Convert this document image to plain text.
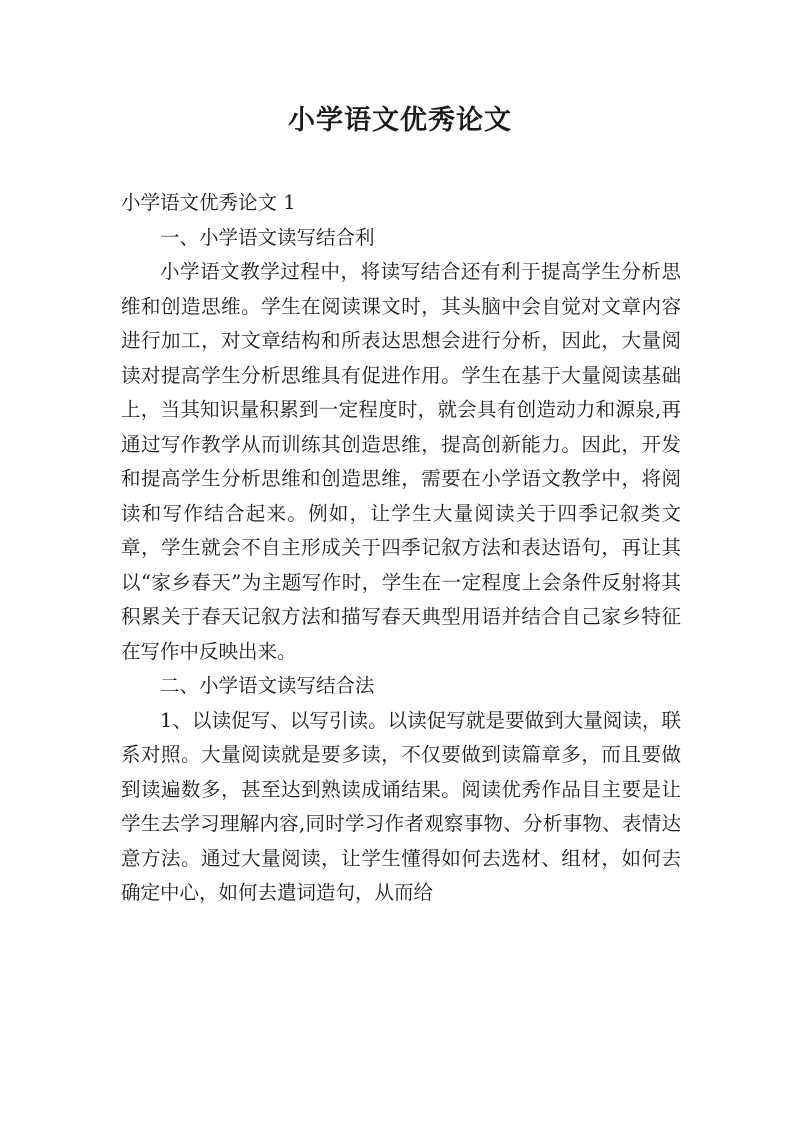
小学语文优秀论文

小学语文优秀论文 1

一、小学语文读写结合利

小学语文教学过程中，将读写结合还有利于提高学生分析思维和创造思维。学生在阅读课文时，其头脑中会自觉对文章内容进行加工，对文章结构和所表达思想会进行分析，因此，大量阅读对提高学生分析思维具有促进作用。学生在基于大量阅读基础上，当其知识量积累到一定程度时，就会具有创造动力和源泉,再通过写作教学从而训练其创造思维，提高创新能力。因此，开发和提高学生分析思维和创造思维，需要在小学语文教学中，将阅读和写作结合起来。例如，让学生大量阅读关于四季记叙类文章，学生就会不自主形成关于四季记叙方法和表达语句，再让其以“家乡春天”为主题写作时，学生在一定程度上会条件反射将其积累关于春天记叙方法和描写春天典型用语并结合自己家乡特征在写作中反映出来。

二、小学语文读写结合法

1、以读促写、以写引读。以读促写就是要做到大量阅读，联系对照。大量阅读就是要多读，不仅要做到读篇章多，而且要做到读遍数多，甚至达到熟读成诵结果。阅读优秀作品目主要是让学生去学习理解内容,同时学习作者观察事物、分析事物、表情达意方法。通过大量阅读，让学生懂得如何去选材、组材，如何去确定中心，如何去遣词造句，从而给
